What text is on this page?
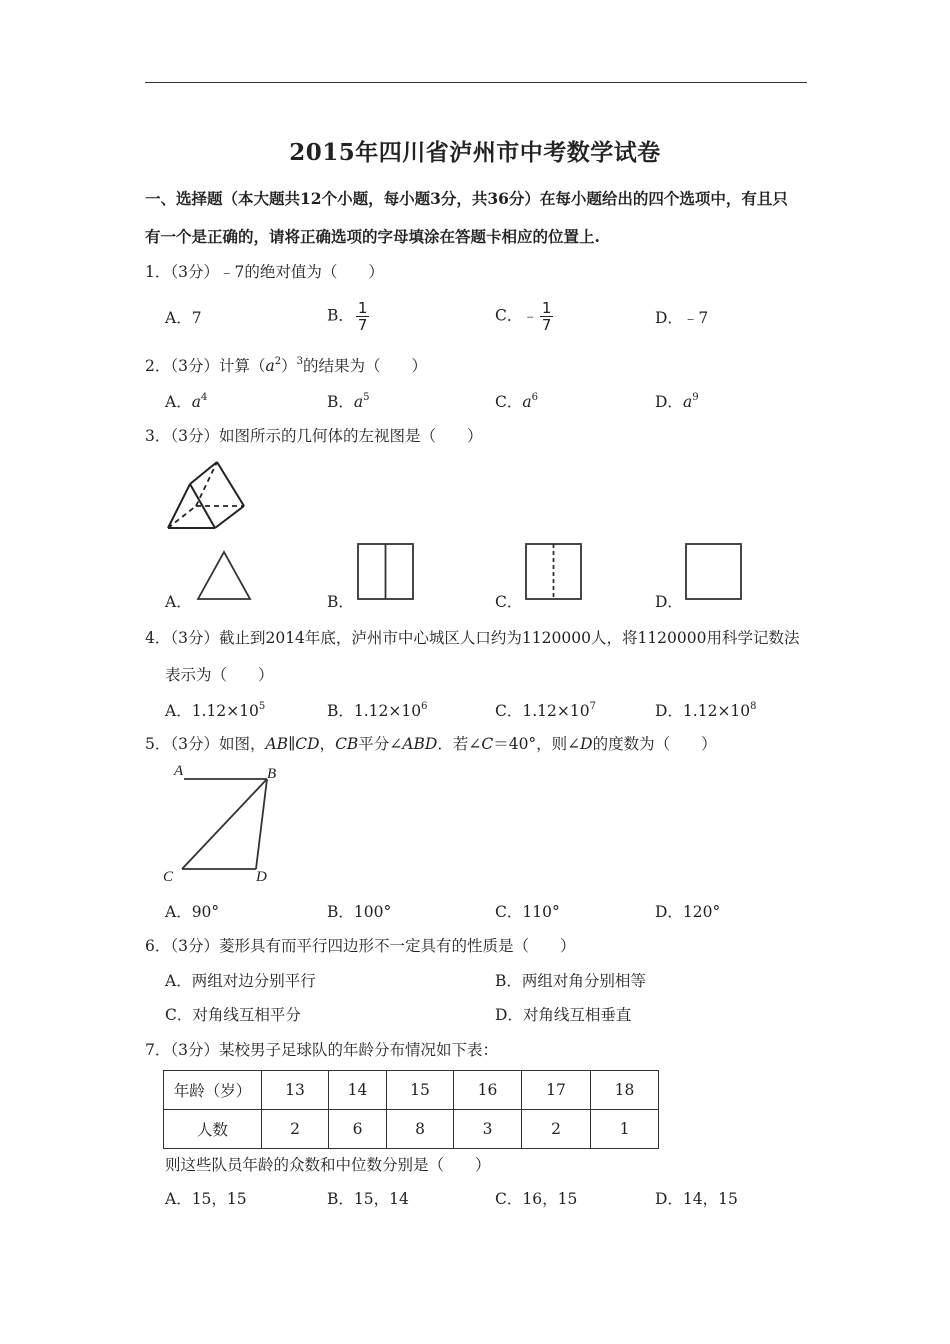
2015年四川省泸州市中考数学试卷
一、选择题（本大题共12个小题，每小题3分，共36分）在每小题给出的四个选项中，有且只
有一个是正确的，请将正确选项的字母填涂在答题卡相应的位置上.
1．（3分）﹣7的绝对值为（　　）
A．7	B． $\frac{1}{7}$	C．﹣ $\frac{1}{7}$	D．﹣7
2．（3分）计算$(a^2)^3$的结果为（　　）
A．$a^4$	B．$a^5$	C．$a^6$	D．$a^9$
3．（3分）如图所示的几何体的左视图是（　　）
A．	B．	C．	D．
4．（3分）截止到2014年底，泸州市中心城区人口约为1120000人，将1120000用科学记数法
表示为（　　）
A．$1.12\times 10^5$	B．$1.12\times 10^6$	C．$1.12\times 10^7$	D．$1.12\times 10^8$
5．（3分）如图，AB∥CD，CB平分∠ABD．若∠C＝40°，则∠D的度数为（　　）
A	B
C	D
A．90°	B．100°	C．110°	D．120°
6．（3分）菱形具有而平行四边形不一定具有的性质是（　　）
A．两组对边分别平行	B．两组对角分别相等
C．对角线互相平分	D．对角线互相垂直
7．（3分）某校男子足球队的年龄分布情况如下表：
年龄（岁）	13	14	15	16	17	18
人数	2	6	8	3	2	1
则这些队员年龄的众数和中位数分别是（　　）
A．15，15	B．15，14	C．16，15	D．14，15
